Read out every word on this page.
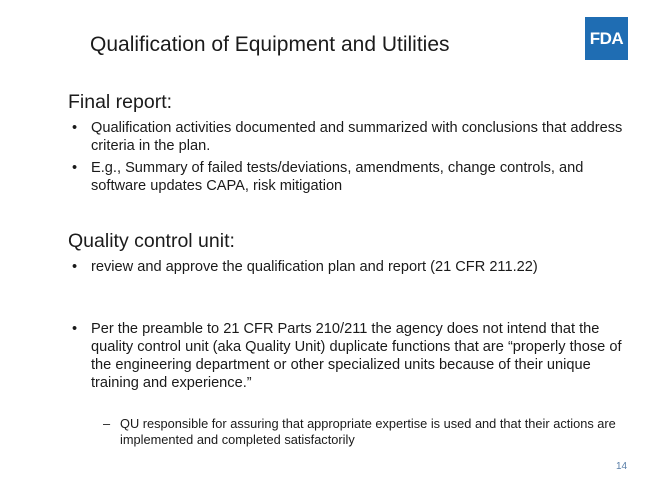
Qualification of Equipment and Utilities	FDA
Final report:
• Qualification activities documented and summarized with conclusions that address criteria in the plan.
• E.g., Summary of failed tests/deviations, amendments, change controls, and software updates CAPA, risk mitigation
Quality control unit:
• review and approve the qualification plan and report (21 CFR 211.22)
• Per the preamble to 21 CFR Parts 210/211 the agency does not intend that the quality control unit (aka Quality Unit) duplicate functions that are “properly those of the engineering department or other specialized units because of their unique training and experience.”
– QU responsible for assuring that appropriate expertise is used and that their actions are implemented and completed satisfactorily
14
